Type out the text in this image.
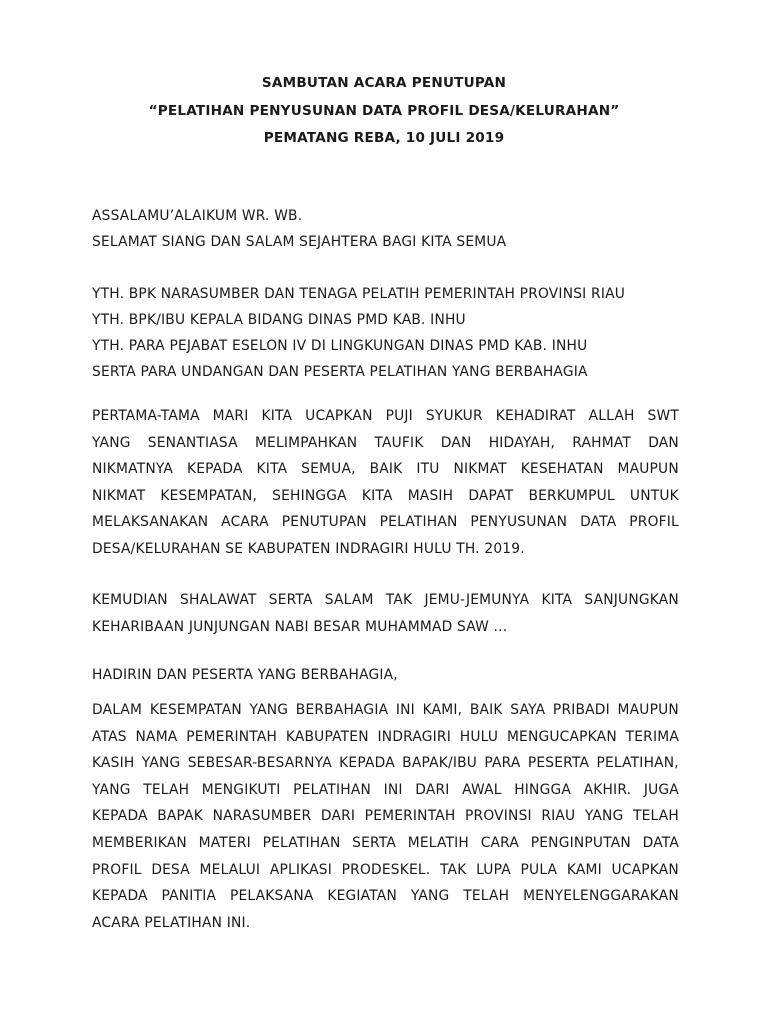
SAMBUTAN ACARA PENUTUPAN
“PELATIHAN PENYUSUNAN DATA PROFIL DESA/KELURAHAN”
PEMATANG REBA, 10 JULI 2019
ASSALAMU’ALAIKUM WR. WB.
SELAMAT SIANG DAN SALAM SEJAHTERA BAGI KITA SEMUA
YTH. BPK NARASUMBER DAN TENAGA PELATIH PEMERINTAH PROVINSI RIAU
YTH. BPK/IBU KEPALA BIDANG DINAS PMD KAB. INHU
YTH. PARA PEJABAT ESELON IV DI LINGKUNGAN DINAS PMD KAB. INHU
SERTA PARA UNDANGAN DAN PESERTA PELATIHAN YANG BERBAHAGIA
PERTAMA-TAMA MARI KITA UCAPKAN PUJI SYUKUR KEHADIRAT ALLAH SWT
YANG SENANTIASA MELIMPAHKAN TAUFIK DAN HIDAYAH, RAHMAT DAN
NIKMATNYA KEPADA KITA SEMUA, BAIK ITU NIKMAT KESEHATAN MAUPUN
NIKMAT KESEMPATAN, SEHINGGA KITA MASIH DAPAT BERKUMPUL UNTUK
MELAKSANAKAN ACARA PENUTUPAN PELATIHAN PENYUSUNAN DATA PROFIL
DESA/KELURAHAN SE KABUPATEN INDRAGIRI HULU TH. 2019.
KEMUDIAN SHALAWAT SERTA SALAM TAK JEMU-JEMUNYA KITA SANJUNGKAN
KEHARIBAAN JUNJUNGAN NABI BESAR MUHAMMAD SAW ...
HADIRIN DAN PESERTA YANG BERBAHAGIA,
DALAM KESEMPATAN YANG BERBAHAGIA INI KAMI, BAIK SAYA PRIBADI MAUPUN
ATAS NAMA PEMERINTAH KABUPATEN INDRAGIRI HULU MENGUCAPKAN TERIMA
KASIH YANG SEBESAR-BESARNYA KEPADA BAPAK/IBU PARA PESERTA PELATIHAN,
YANG TELAH MENGIKUTI PELATIHAN INI DARI AWAL HINGGA AKHIR. JUGA
KEPADA BAPAK NARASUMBER DARI PEMERINTAH PROVINSI RIAU YANG TELAH
MEMBERIKAN MATERI PELATIHAN SERTA MELATIH CARA PENGINPUTAN DATA
PROFIL DESA MELALUI APLIKASI PRODESKEL. TAK LUPA PULA KAMI UCAPKAN
KEPADA PANITIA PELAKSANA KEGIATAN YANG TELAH MENYELENGGARAKAN
ACARA PELATIHAN INI.
